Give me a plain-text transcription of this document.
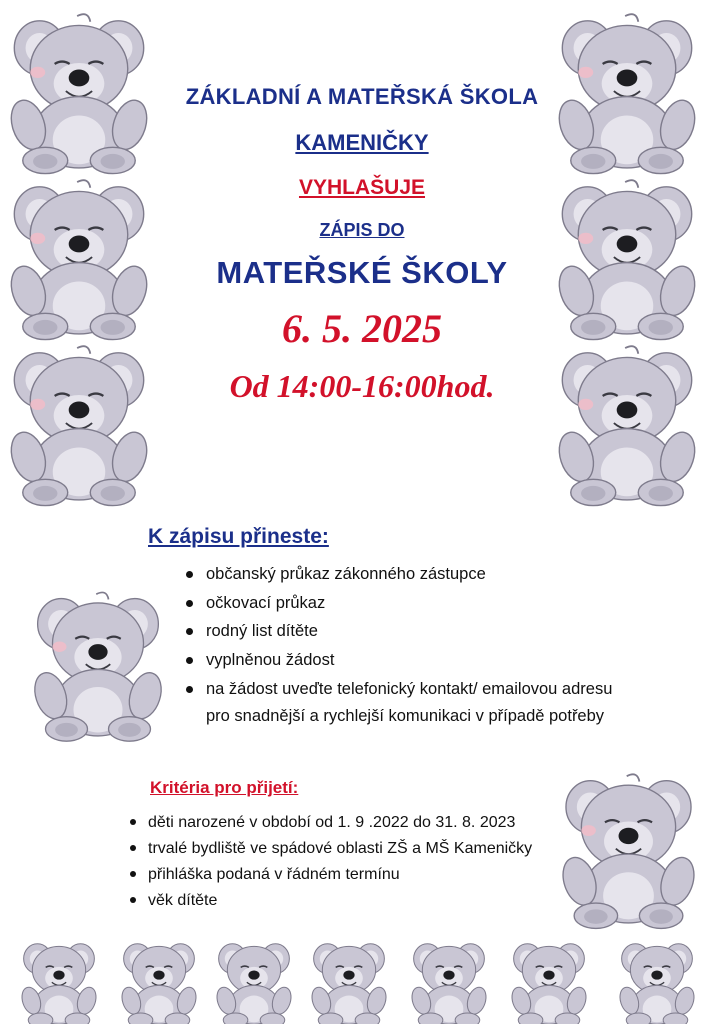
ZÁKLADNÍ A MATEŘSKÁ ŠKOLA

KAMENIČKY

VYHLAŠUJE

ZÁPIS DO

MATEŘSKÉ ŠKOLY

6. 5. 2025

Od 14:00-16:00hod.

K zápisu přineste:

občanský průkaz zákonného zástupce
očkovací průkaz
rodný list dítěte
vyplněnou žádost
na žádost uveďte telefonický kontakt/ emailovou adresu pro snadnější a rychlejší komunikaci v případě potřeby

Kritéria pro přijetí:

děti narozené v období od 1. 9 .2022 do 31. 8. 2023
trvalé bydliště ve spádové oblasti ZŠ a MŠ Kameničky
přihláška podaná v řádném termínu
věk dítěte
